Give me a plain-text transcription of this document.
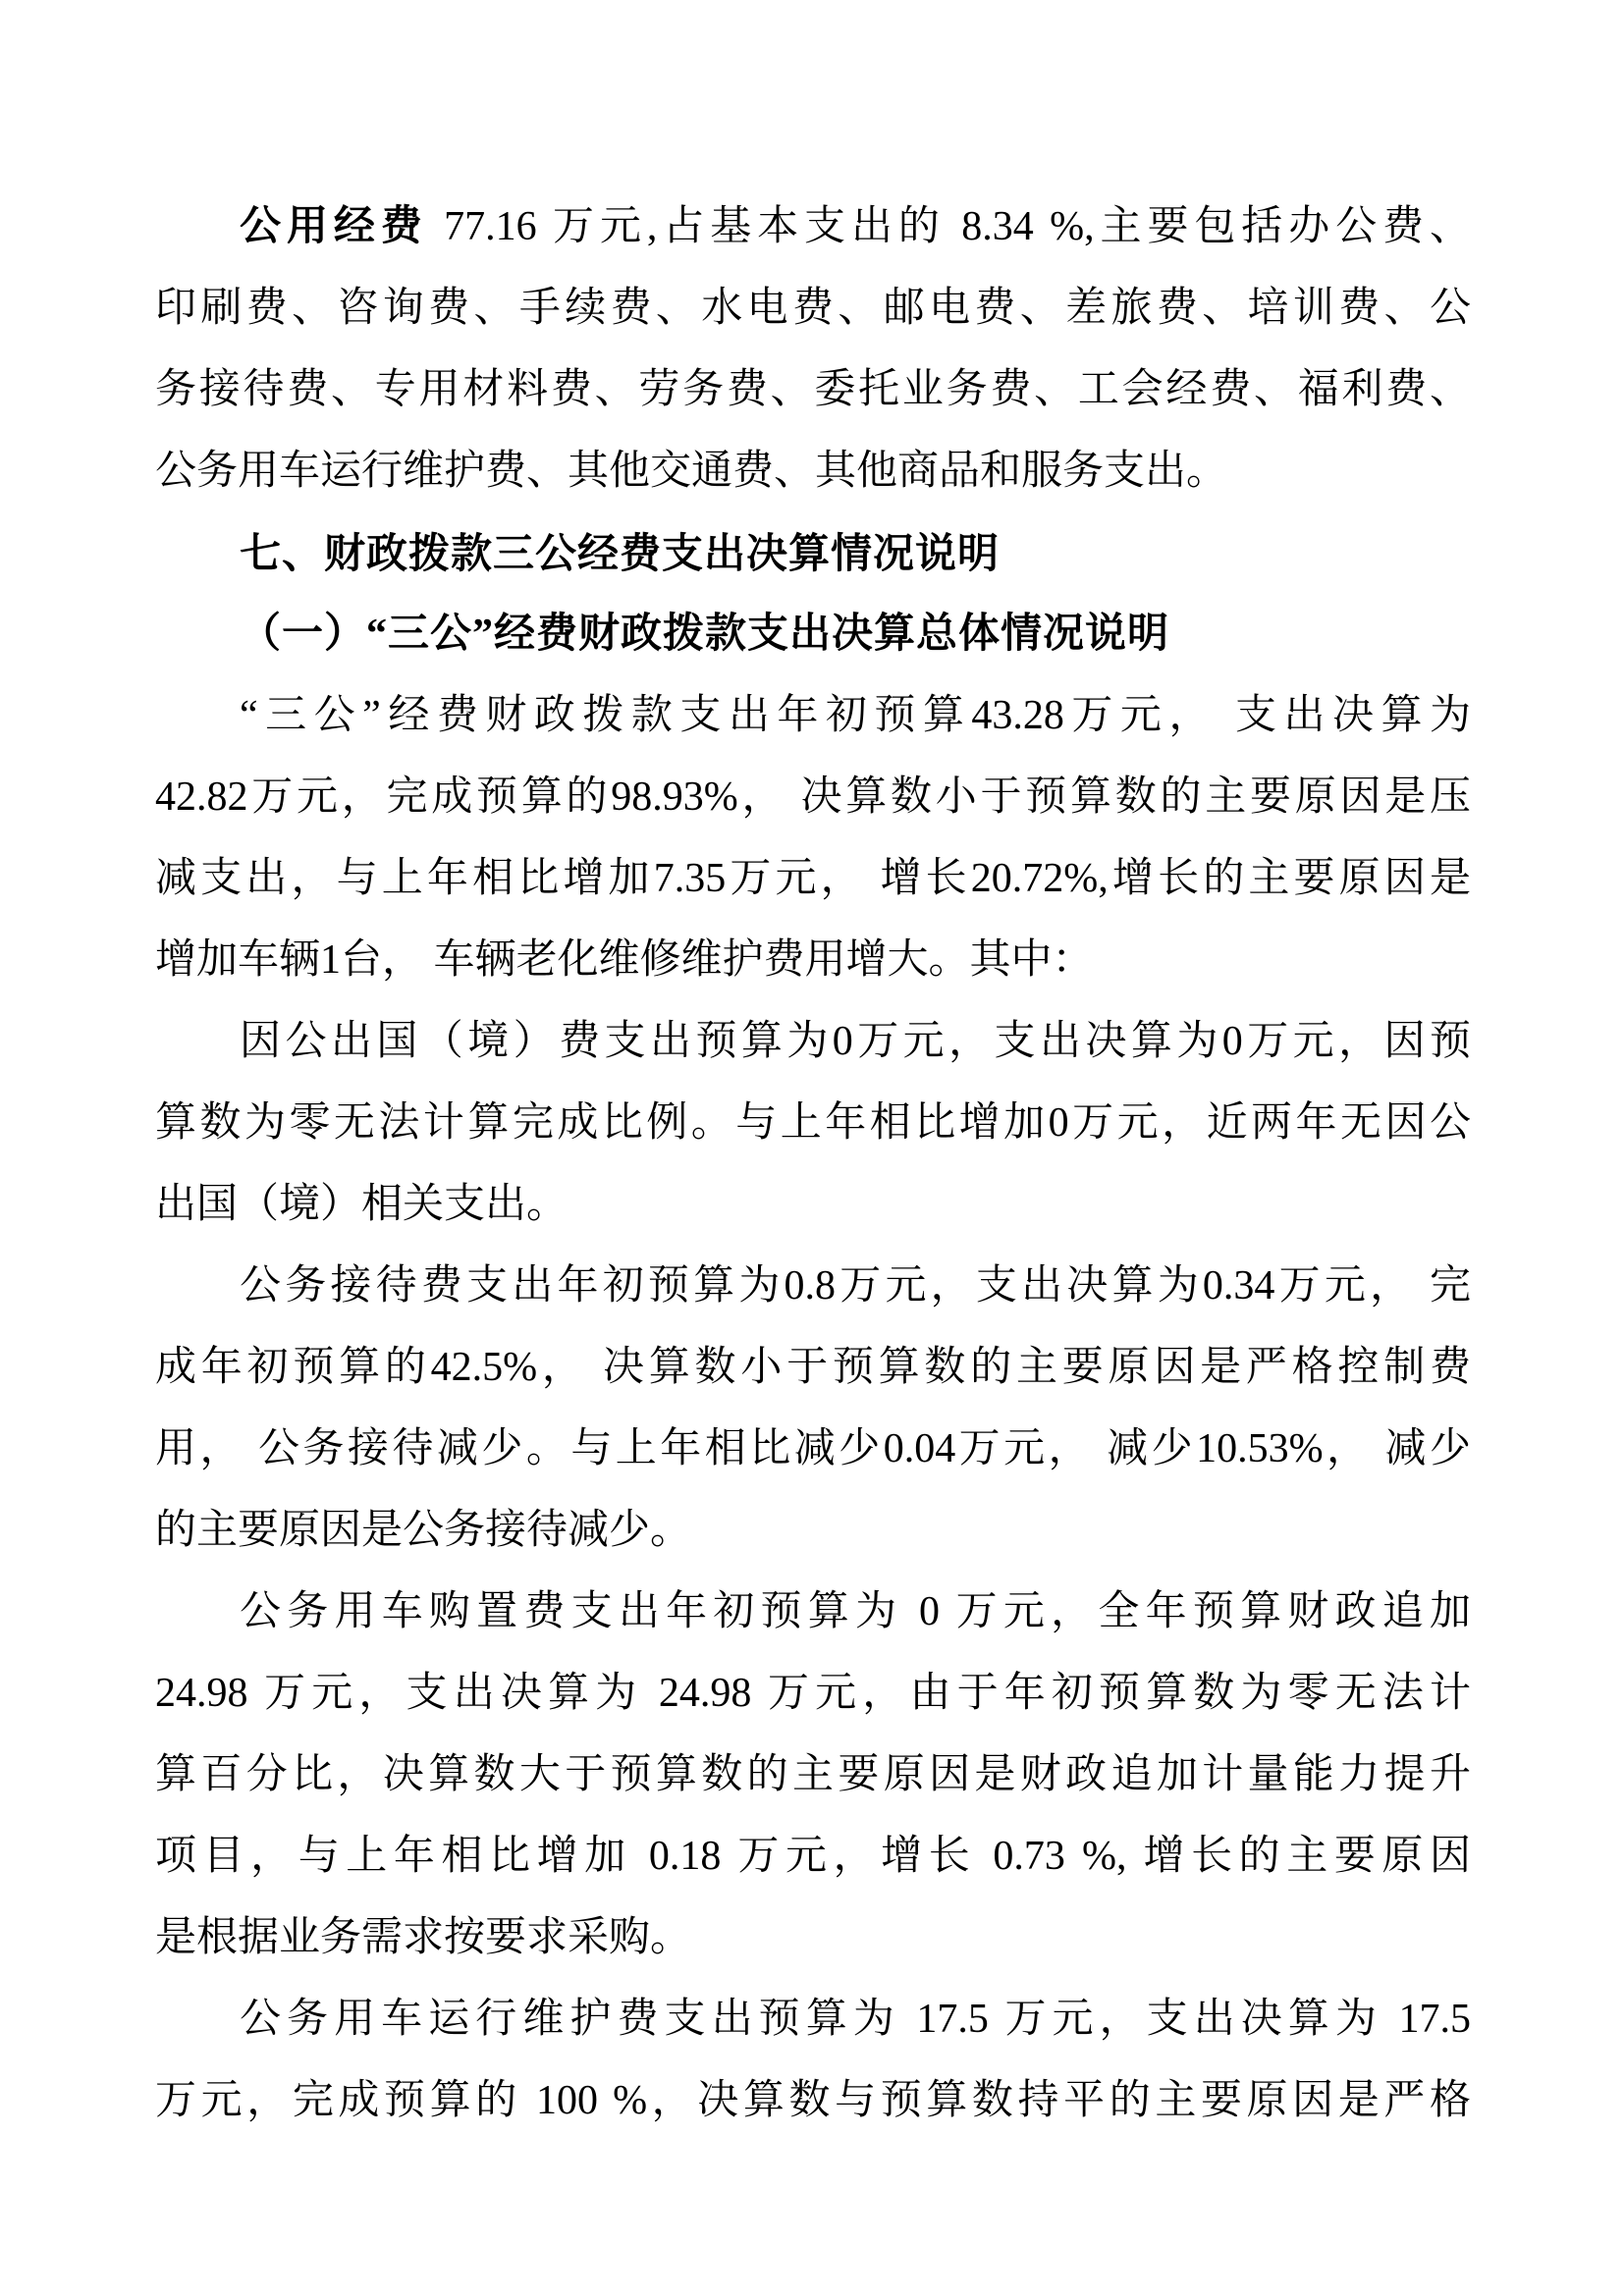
公用经费 77.16 万元,占基本支出的 8.34 %,主要包括办公费、
印刷费、咨询费、手续费、水电费、邮电费、差旅费、培训费、公
务接待费、专用材料费、劳务费、委托业务费、工会经费、福利费、
公务用车运行维护费、其他交通费、其他商品和服务支出。
七、财政拨款三公经费支出决算情况说明
（一）“三公”经费财政拨款支出决算总体情况说明
“三公”经费财政拨款支出年初预算43.28万元， 支出决算为
42.82万元，完成预算的98.93%， 决算数小于预算数的主要原因是压
减支出，与上年相比增加7.35万元， 增长20.72%,增长的主要原因是
增加车辆1台， 车辆老化维修维护费用增大。其中：
因公出国（境）费支出预算为0万元，支出决算为0万元，因预
算数为零无法计算完成比例。与上年相比增加0万元，近两年无因公
出国（境）相关支出。
公务接待费支出年初预算为0.8万元，支出决算为0.34万元， 完
成年初预算的42.5%， 决算数小于预算数的主要原因是严格控制费
用， 公务接待减少。与上年相比减少0.04万元， 减少10.53%， 减少
的主要原因是公务接待减少。
公务用车购置费支出年初预算为 0 万元，全年预算财政追加
24.98 万元，支出决算为 24.98 万元，由于年初预算数为零无法计
算百分比，决算数大于预算数的主要原因是财政追加计量能力提升
项目，与上年相比增加 0.18 万元，增长 0.73 %, 增长的主要原因
是根据业务需求按要求采购。
公务用车运行维护费支出预算为 17.5 万元，支出决算为 17.5
万元，完成预算的 100 %，决算数与预算数持平的主要原因是严格
